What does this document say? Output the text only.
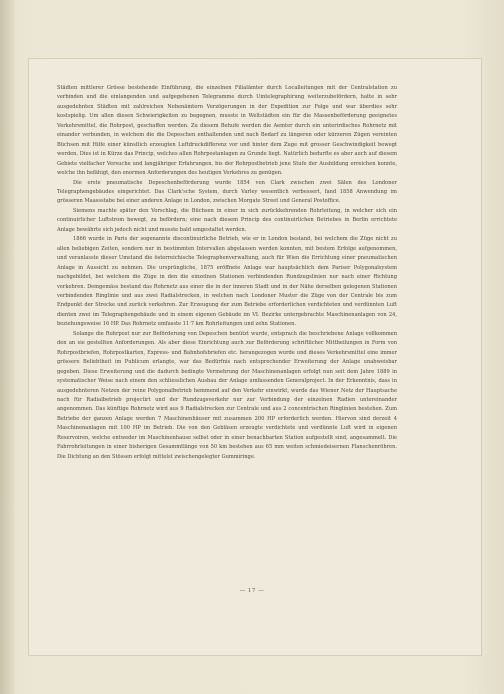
Städten mittlerer Grösse bestehende Einführung, die einzelnen Filialämter durch Localleitungen mit der Centralstation zu verbinden und die einlangenden und aufgegebenen Telegramme durch Umtelegraphirung weiterzubefördern, hatte in sehr ausgedehnten Städten mit zahlreichen Nebenämtern Verzögerungen in der Expedition zur Folge und war überdies sehr kostspielig. Um allen diesen Schwierigkeiten zu begegnen, musste in Weltstädten ein für die Massenbeförderung geeignetes Verkehrsmittel, die Rohrpost, geschaffen werden. Zu diesem Behufe werden die Aemter durch ein unterirdisches Rohrnetz mit einander verbunden, in welchem die die Depeschen enthaltenden und nach Bedarf zu längeren oder kürzeren Zügen vereinten Büchsen mit Hilfe einer künstlich erzeugten Luftdruckdifferenz vor und hinter dem Zuge mit grosser Geschwindigkeit bewegt werden. Dies ist in Kürze das Princip, welches allen Rohrpostanlagen zu Grunde liegt. Natürlich bedurfte es aber auch auf diesem Gebiete vielfacher Versuche und langjähriger Erfahrungen, bis der Rohrpostbetrieb jene Stufe der Ausbildung erreichen konnte, welche ihn befähigt, den enormen Anforderungen des heutigen Verkehres zu genügen.

Die erste pneumatische Depeschenbeförderung wurde 1854 von Clark zwischen zwei Sälen des Londoner Telegraphengebäudes eingerichtet. Das Clark'sche System, durch Varley wesentlich verbessert, fand 1858 Anwendung im grösseren Maassstabe bei einer anderen Anlage in London, zwischen Morgate Street und General Postoffice.

Siemens machte später den Vorschlag, die Büchsen in einer in sich zurückkehrenden Rohrleitung, in welcher sich ein continuirlicher Luftstrom bewegt, zu befördern; eine nach diesem Princip des continuirlichen Betriebes in Berlin errichtete Anlage bewährte sich jedoch nicht und musste bald umgestaltet werden.

1866 wurde in Paris der sogenannte discontinuirliche Betrieb, wie er in London bestand, bei welchem die Züge nicht zu allen beliebigen Zeiten, sondern nur in bestimmten Intervallen abgelassen werden konnten, mit bestem Erfolge aufgenommen, und veranlasste dieser Umstand die österreichische Telegraphenverwaltung, auch für Wien die Errichtung einer pneumatischen Anlage in Aussicht zu nehmen. Die ursprüngliche, 1875 eröffnete Anlage war hauptsächlich dem Pariser Polygonalsystem nachgebildet, bei welchem die Züge in den die einzelnen Stationen verbindenden Rundzugslinien nur nach einer Richtung verkehren. Demgemäss bestand das Rohrnetz aus einer die in der inneren Stadt und in der Nähe derselben gelegenen Stationen verbindenden Ringlinie und aus zwei Radialstrecken, in welchen nach Londoner Muster die Züge von der Centrale bis zum Endpunkt der Strecke und zurück verkehren. Zur Erzeugung der zum Betriebe erforderlichen verdichteten und verdünnten Luft dienten zwei im Telegraphengebäude und in einem eigenen Gebäude im VI. Bezirke untergebrachte Maschinenanlagen von 24, beziehungsweise 16 HP. Das Rohrnetz umfasste 11·7 km Rohrleitungen und zehn Stationen.

Solange die Rohrpost nur zur Beförderung von Depeschen benützt wurde, entsprach die beschriebene Anlage vollkommen den an sie gestellten Anforderungen. Als aber diese Einrichtung auch zur Beförderung schriftlicher Mittheilungen in Form von Rohrpostbriefen, Rohrpostkarten, Express- und Bahnhofsbriefen etc. herangezogen wurde und dieses Verkehrsmittel eine immer grössere Beliebtheit im Publicum erlangte, war das Bedürfnis nach entsprechender Erweiterung der Anlage unabweisbar gegeben. Diese Erweiterung und die dadurch bedingte Vermehrung der Maschinenanlagen erfolgt nun seit dem Jahre 1889 in systematischer Weise nach einem den schliesslichen Ausbau der Anlage umfassenden Generalproject. In der Erkenntnis, dass in ausgedehnteren Netzen der reine Polygonalbetrieb hemmend auf den Verkehr einwirkt, wurde das Wiener Netz der Hauptsache nach für Radialbetrieb projectirt und der Rundzugsverkehr nur zur Verbindung der einzelnen Radien untereinander angenommen. Das künftige Rohrnetz wird aus 9 Radialstrecken zur Centrale und aus 2 concentrischen Ringlinien bestehen. Zum Betriebe der ganzen Anlage werden 7 Maschinenhäuser mit zusammen 200 HP erforderlich werden. Hiervon sind derzeit 4 Maschinenanlagen mit 100 HP im Betrieb. Die von den Gebläsen erzeugte verdichtete und verdünnte Luft wird in eigenen Reservoiren, welche entweder im Maschinenhause selbst oder in einer benachbarten Station aufgestellt sind, angesammelt. Die Fahrrohrleitungen in einer bisherigen Gesammtlänge von 50 km bestehen aus 65 mm weiten schmiedeisernen Flanschenröhren. Die Dichtung an den Stössen erfolgt mittelst zwischengelegter Gummiringe.

— 17 —
